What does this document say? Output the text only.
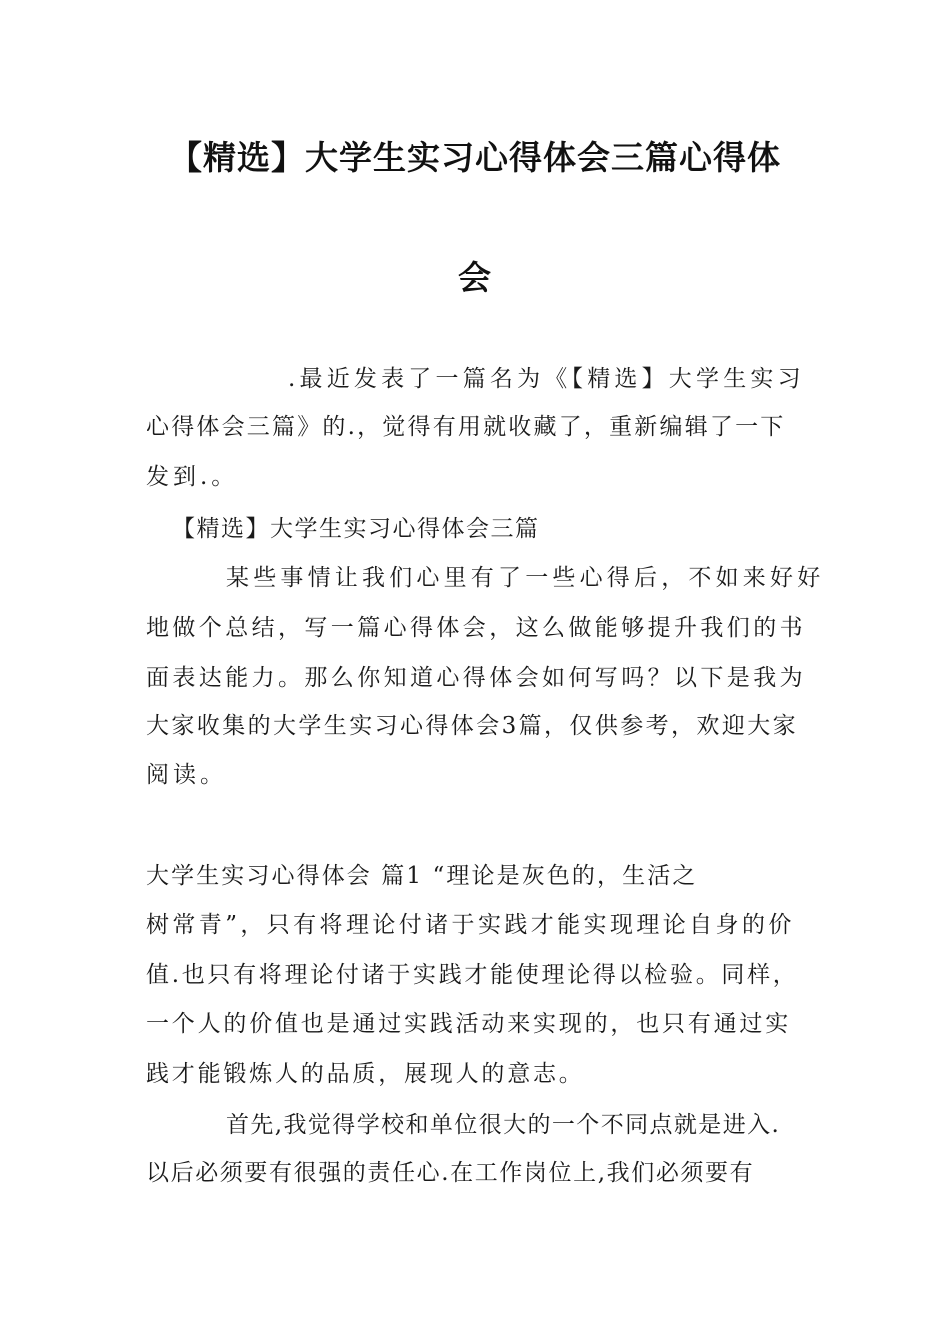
【精选】大学生实习心得体会三篇心得体
会
.最近发表了一篇名为《【精选】大学生实习
心得体会三篇》的.，觉得有用就收藏了，重新编辑了一下
发到.。
【精选】大学生实习心得体会三篇
某些事情让我们心里有了一些心得后，不如来好好
地做个总结，写一篇心得体会，这么做能够提升我们的书
面表达能力。那么你知道心得体会如何写吗？以下是我为
大家收集的大学生实习心得体会3篇，仅供参考，欢迎大家
阅读。
大学生实习心得体会 篇1 “理论是灰色的，生活之
树常青”，只有将理论付诸于实践才能实现理论自身的价
值.也只有将理论付诸于实践才能使理论得以检验。同样，
一个人的价值也是通过实践活动来实现的，也只有通过实
践才能锻炼人的品质，展现人的意志。
首先,我觉得学校和单位很大的一个不同点就是进入.
以后必须要有很强的责任心.在工作岗位上,我们必须要有
